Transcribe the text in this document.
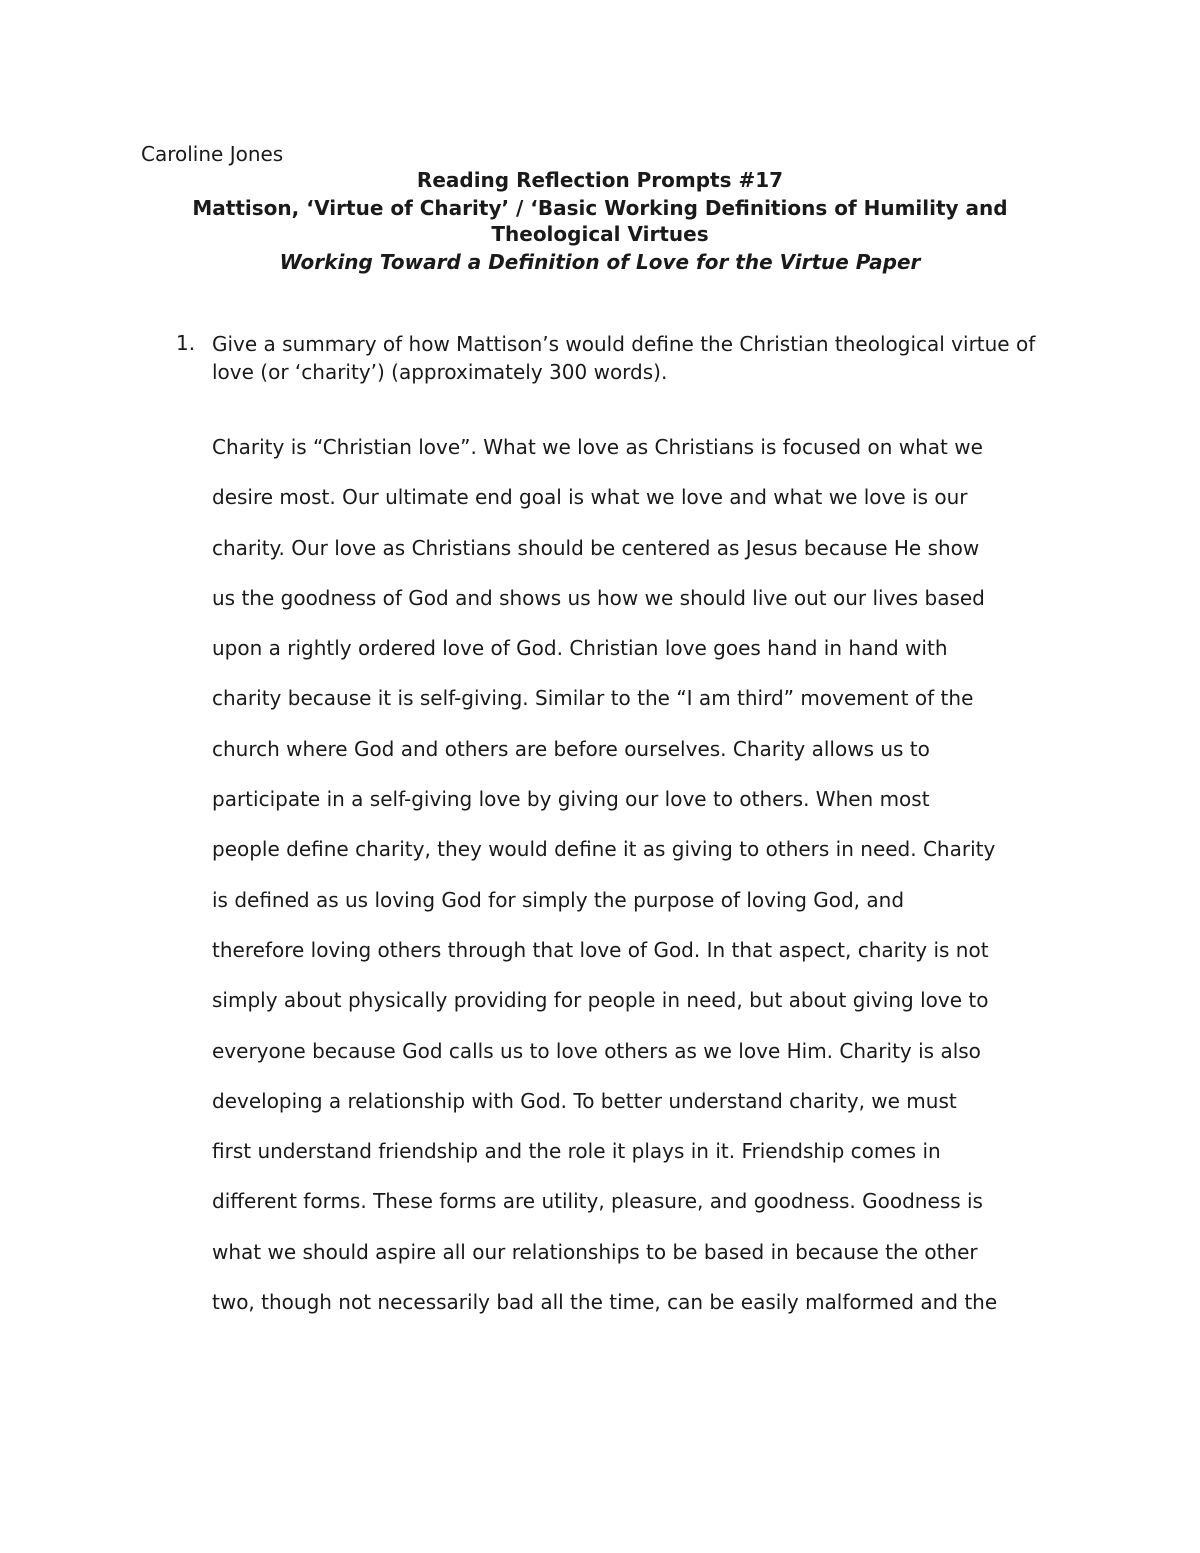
Caroline Jones
Reading Reflection Prompts #17
Mattison, ‘Virtue of Charity’ / ‘Basic Working Definitions of Humility and Theological Virtues
Working Toward a Definition of Love for the Virtue Paper
1. Give a summary of how Mattison’s would define the Christian theological virtue of love (or ‘charity’) (approximately 300 words).
Charity is “Christian love”. What we love as Christians is focused on what we
desire most. Our ultimate end goal is what we love and what we love is our
charity. Our love as Christians should be centered as Jesus because He show
us the goodness of God and shows us how we should live out our lives based
upon a rightly ordered love of God. Christian love goes hand in hand with
charity because it is self-giving. Similar to the “I am third” movement of the
church where God and others are before ourselves. Charity allows us to
participate in a self-giving love by giving our love to others. When most
people define charity, they would define it as giving to others in need. Charity
is defined as us loving God for simply the purpose of loving God, and
therefore loving others through that love of God. In that aspect, charity is not
simply about physically providing for people in need, but about giving love to
everyone because God calls us to love others as we love Him. Charity is also
developing a relationship with God. To better understand charity, we must
first understand friendship and the role it plays in it. Friendship comes in
different forms. These forms are utility, pleasure, and goodness. Goodness is
what we should aspire all our relationships to be based in because the other
two, though not necessarily bad all the time, can be easily malformed and the
